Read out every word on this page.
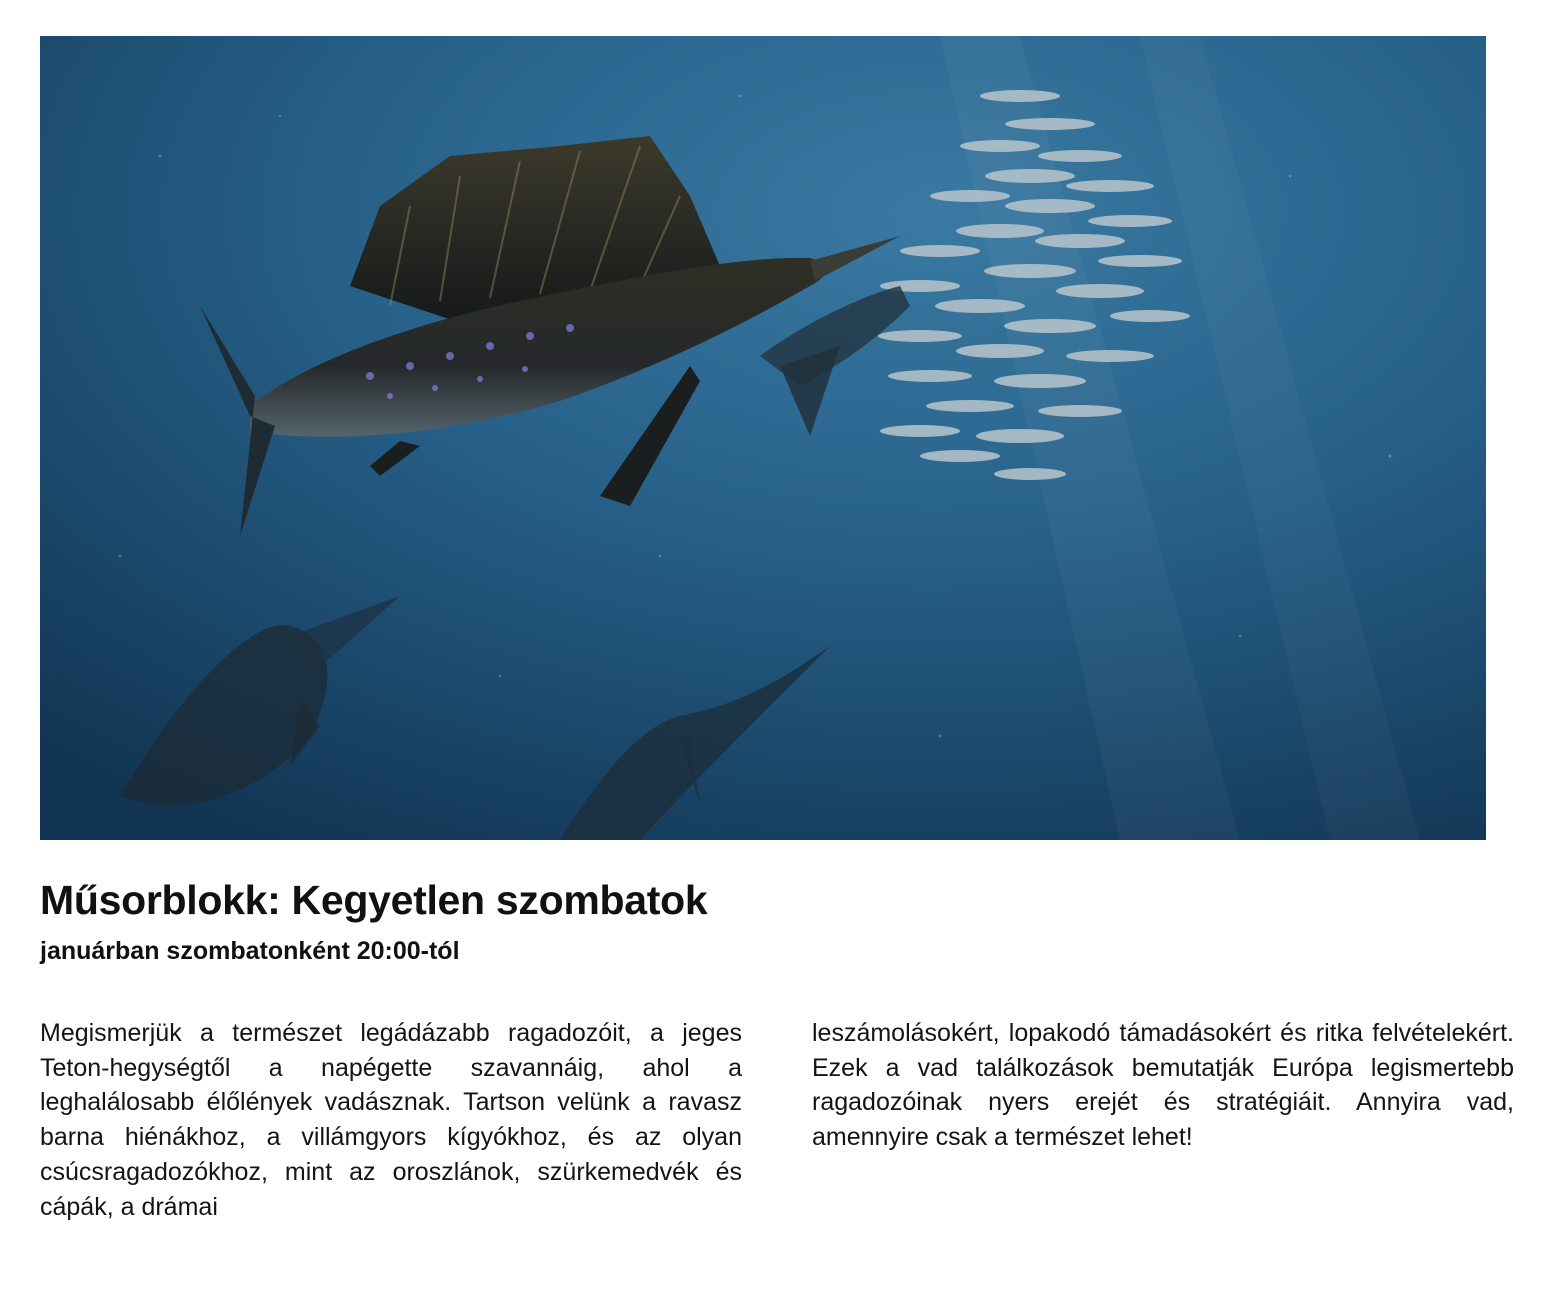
Műsorblokk: Kegyetlen szombatok

januárban szombatonként 20:00-tól

Megismerjük a természet legádázabb ragadozóit, a jeges Teton-hegységtől a napégette szavannáig, ahol a leghalálosabb élőlények vadásznak. Tartson velünk a ravasz barna hiénákhoz, a villámgyors kígyókhoz, és az olyan csúcsragadozókhoz, mint az oroszlánok, szürkemedvék és cápák, a drámai

leszámolásokért, lopakodó támadásokért és ritka felvételekért. Ezek a vad találkozások bemutatják Európa legismertebb ragadozóinak nyers erejét és stratégiáit. Annyira vad, amennyire csak a természet lehet!
